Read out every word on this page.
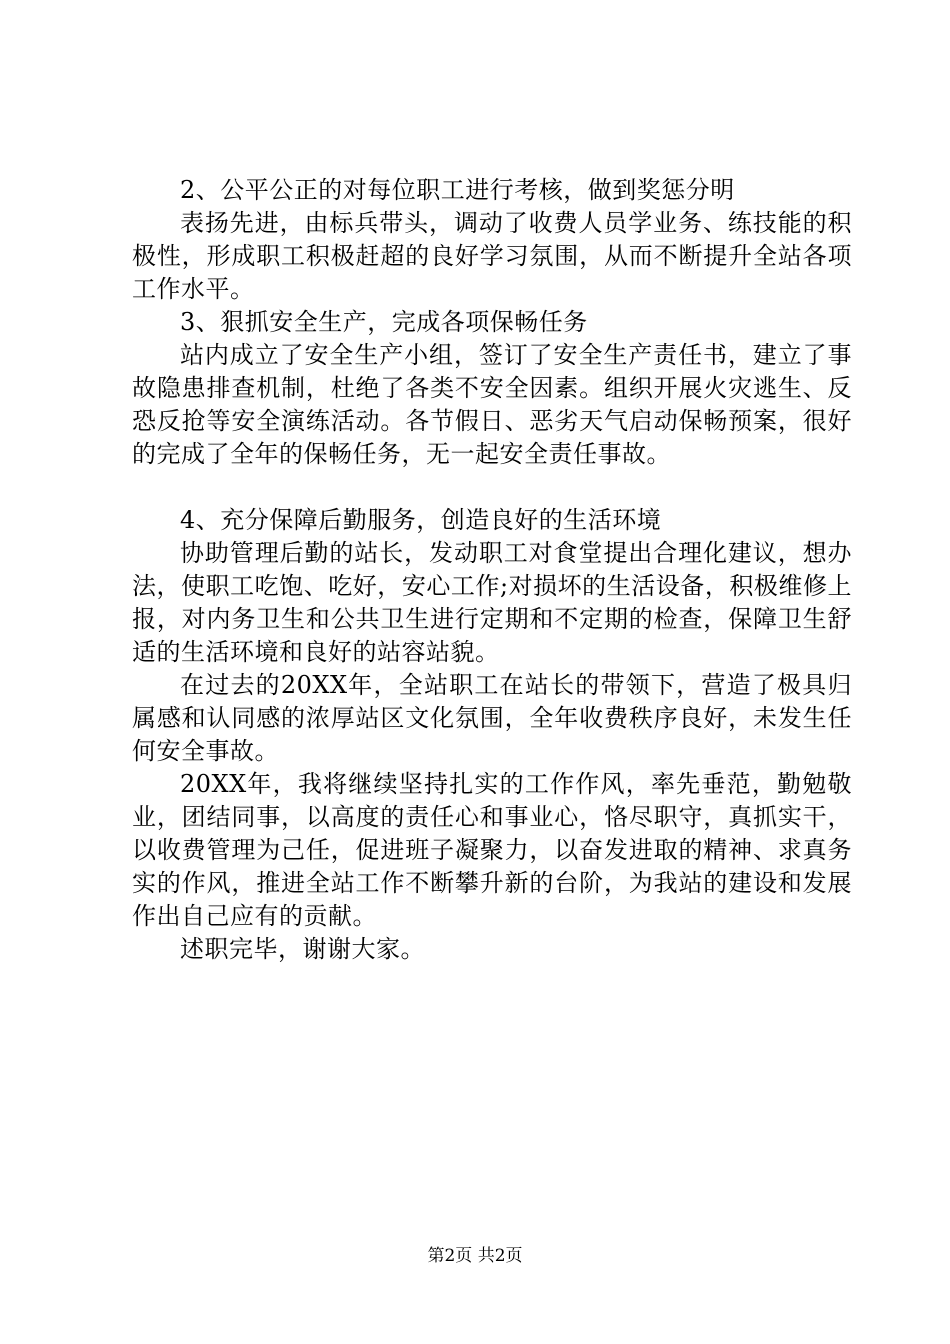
2、公平公正的对每位职工进行考核，做到奖惩分明

表扬先进，由标兵带头，调动了收费人员学业务、练技能的积极性，形成职工积极赶超的良好学习氛围，从而不断提升全站各项工作水平。

3、狠抓安全生产，完成各项保畅任务

站内成立了安全生产小组，签订了安全生产责任书，建立了事故隐患排查机制，杜绝了各类不安全因素。组织开展火灾逃生、反恐反抢等安全演练活动。各节假日、恶劣天气启动保畅预案，很好的完成了全年的保畅任务，无一起安全责任事故。

4、充分保障后勤服务，创造良好的生活环境

协助管理后勤的站长，发动职工对食堂提出合理化建议，想办法，使职工吃饱、吃好，安心工作;对损坏的生活设备，积极维修上报，对内务卫生和公共卫生进行定期和不定期的检查，保障卫生舒适的生活环境和良好的站容站貌。

在过去的20XX年，全站职工在站长的带领下，营造了极具归属感和认同感的浓厚站区文化氛围，全年收费秩序良好，未发生任何安全事故。

20XX年，我将继续坚持扎实的工作作风，率先垂范，勤勉敬业，团结同事，以高度的责任心和事业心，恪尽职守，真抓实干，以收费管理为己任，促进班子凝聚力，以奋发进取的精神、求真务实的作风，推进全站工作不断攀升新的台阶，为我站的建设和发展作出自己应有的贡献。

述职完毕，谢谢大家。

第2页 共2页
